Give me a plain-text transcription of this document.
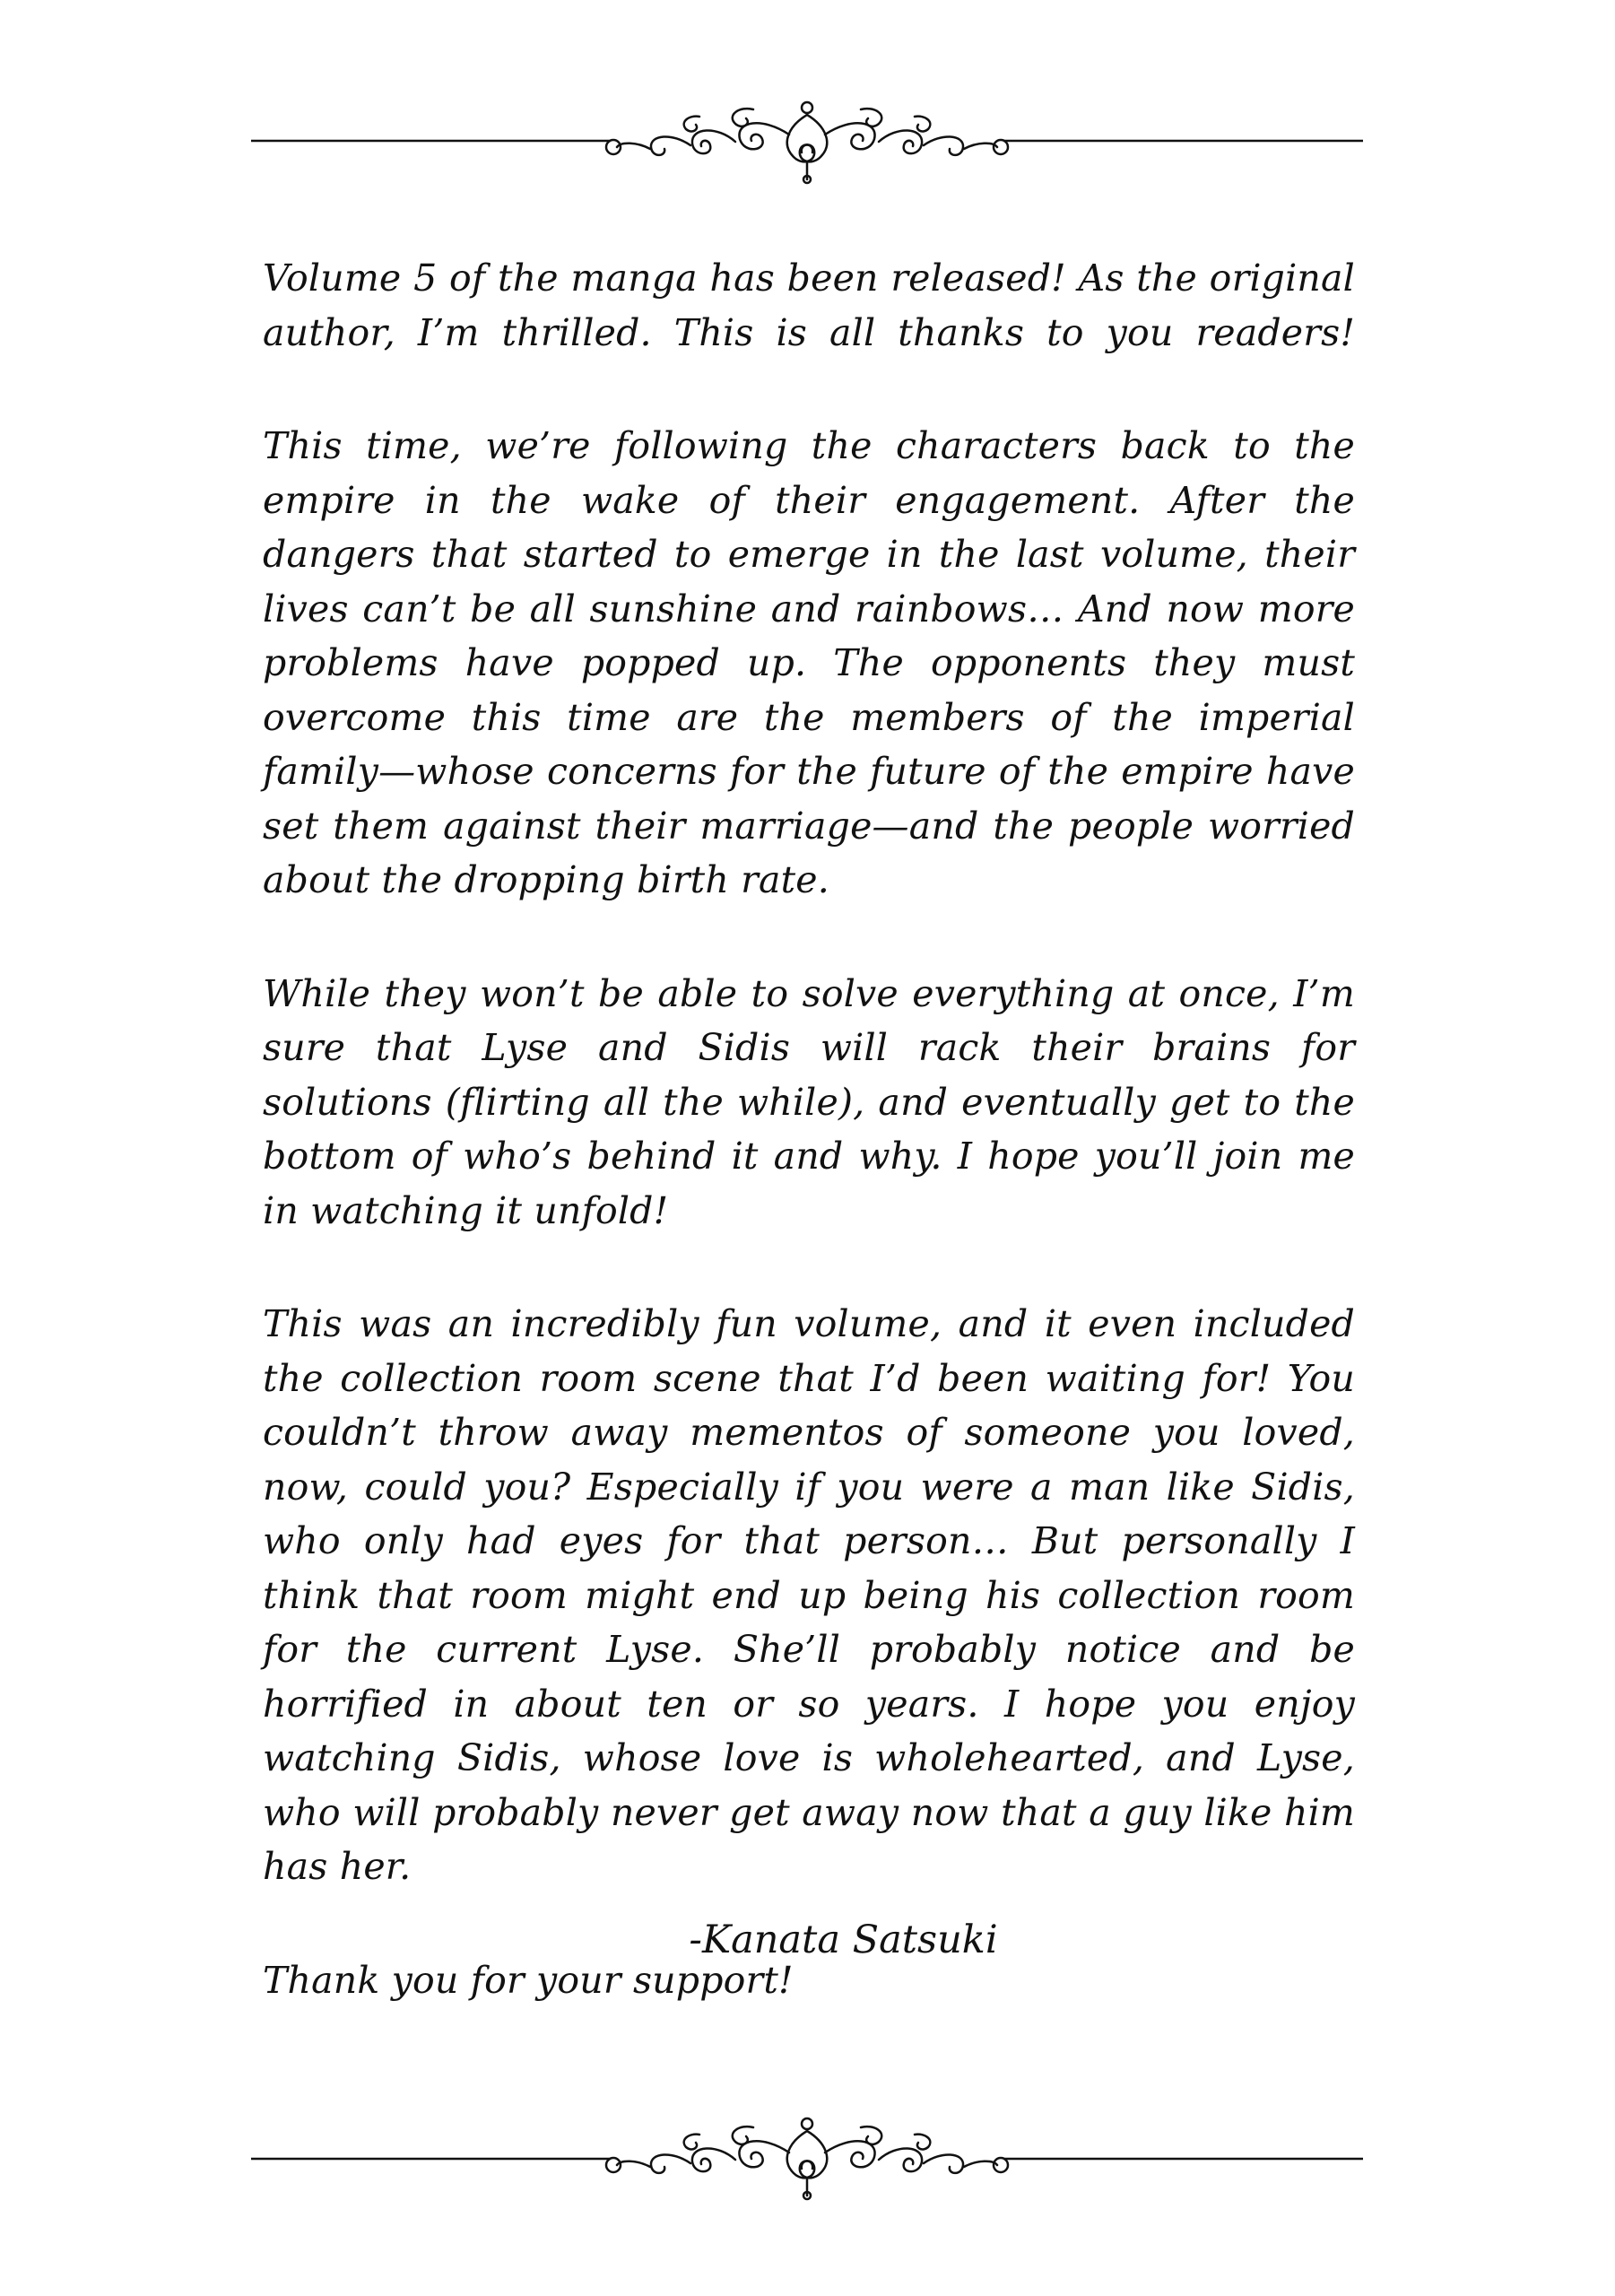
Volume 5 of the manga has been released! As the original author, I’m thrilled. This is all thanks to you readers!

This time, we’re following the characters back to the empire in the wake of their engagement. After the dangers that started to emerge in the last volume, their lives can’t be all sunshine and rainbows… And now more problems have popped up. The opponents they must overcome this time are the members of the imperial family—whose concerns for the future of the empire have set them against their marriage—and the people worried about the dropping birth rate.

While they won’t be able to solve everything at once, I’m sure that Lyse and Sidis will rack their brains for solutions (flirting all the while), and eventually get to the bottom of who’s behind it and why. I hope you’ll join me in watching it unfold!

This was an incredibly fun volume, and it even included the collection room scene that I’d been waiting for! You couldn’t throw away mementos of someone you loved, now, could you? Especially if you were a man like Sidis, who only had eyes for that person… But personally I think that room might end up being his collection room for the current Lyse. She’ll probably notice and be horrified in about ten or so years. I hope you enjoy watching Sidis, whose love is wholehearted, and Lyse, who will probably never get away now that a guy like him has her.

Thank you for your support!

-Kanata Satsuki
